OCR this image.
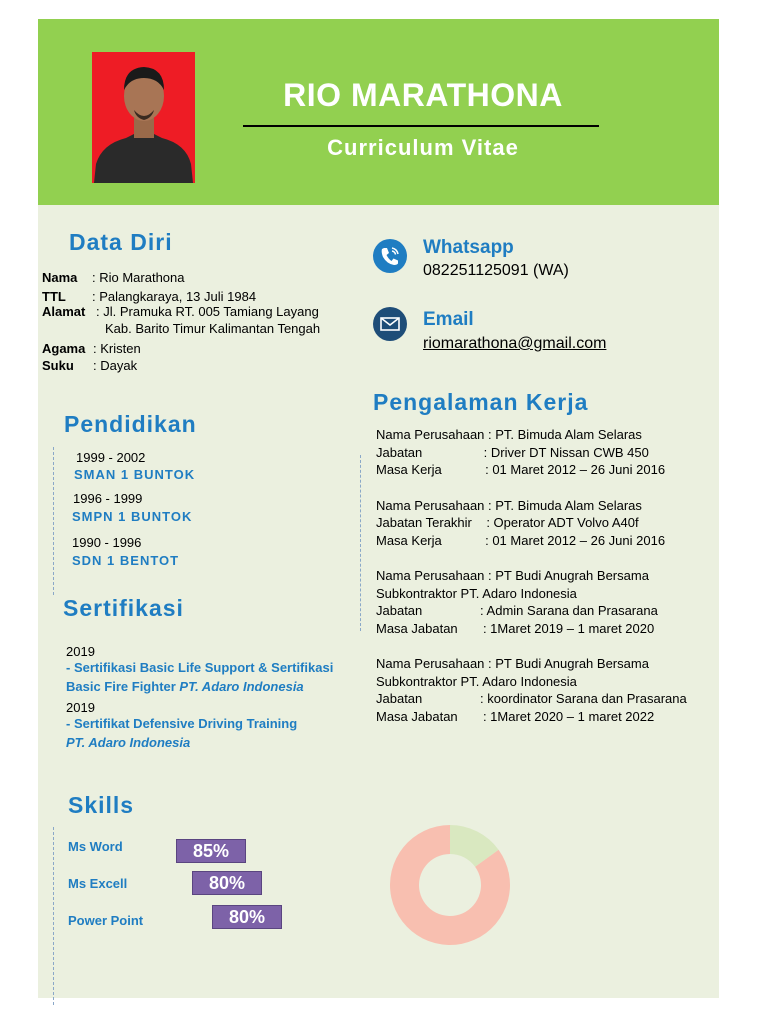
RIO MARATHONA
Curriculum Vitae
Data Diri
Nama : Rio Marathona
TTL : Palangkaraya, 13 Juli 1984
Alamat : Jl. Pramuka RT. 005 Tamiang Layang
Kab. Barito Timur Kalimantan Tengah
Agama : Kristen
Suku : Dayak
Whatsapp
082251125091 (WA)
Email
riomarathona@gmail.com
Pendidikan
1999 - 2002
SMAN 1 BUNTOK
1996 - 1999
SMPN 1 BUNTOK
1990 - 1996
SDN 1 BENTOT
Sertifikasi
2019
- Sertifikasi Basic Life Support & Sertifikasi
Basic Fire Fighter PT. Adaro Indonesia
2019
- Sertifikat Defensive Driving Training
PT. Adaro Indonesia
Pengalaman Kerja
Nama Perusahaan : PT. Bimuda Alam Selaras
Jabatan                 : Driver DT Nissan CWB 450
Masa Kerja            : 01 Maret 2012 – 26 Juni 2016
Nama Perusahaan : PT. Bimuda Alam Selaras
Jabatan Terakhir    : Operator ADT Volvo A40f
Masa Kerja            : 01 Maret 2012 – 26 Juni 2016
Nama Perusahaan : PT Budi Anugrah Bersama
Subkontraktor PT. Adaro Indonesia
Jabatan                : Admin Sarana dan Prasarana
Masa Jabatan       : 1Maret 2019 – 1 maret 2020
Nama Perusahaan : PT Budi Anugrah Bersama
Subkontraktor PT. Adaro Indonesia
Jabatan                : koordinator Sarana dan Prasarana
Masa Jabatan       : 1Maret 2020 – 1 maret 2022
Skills
Ms Word	85%
Ms Excell	80%
Power Point	80%
